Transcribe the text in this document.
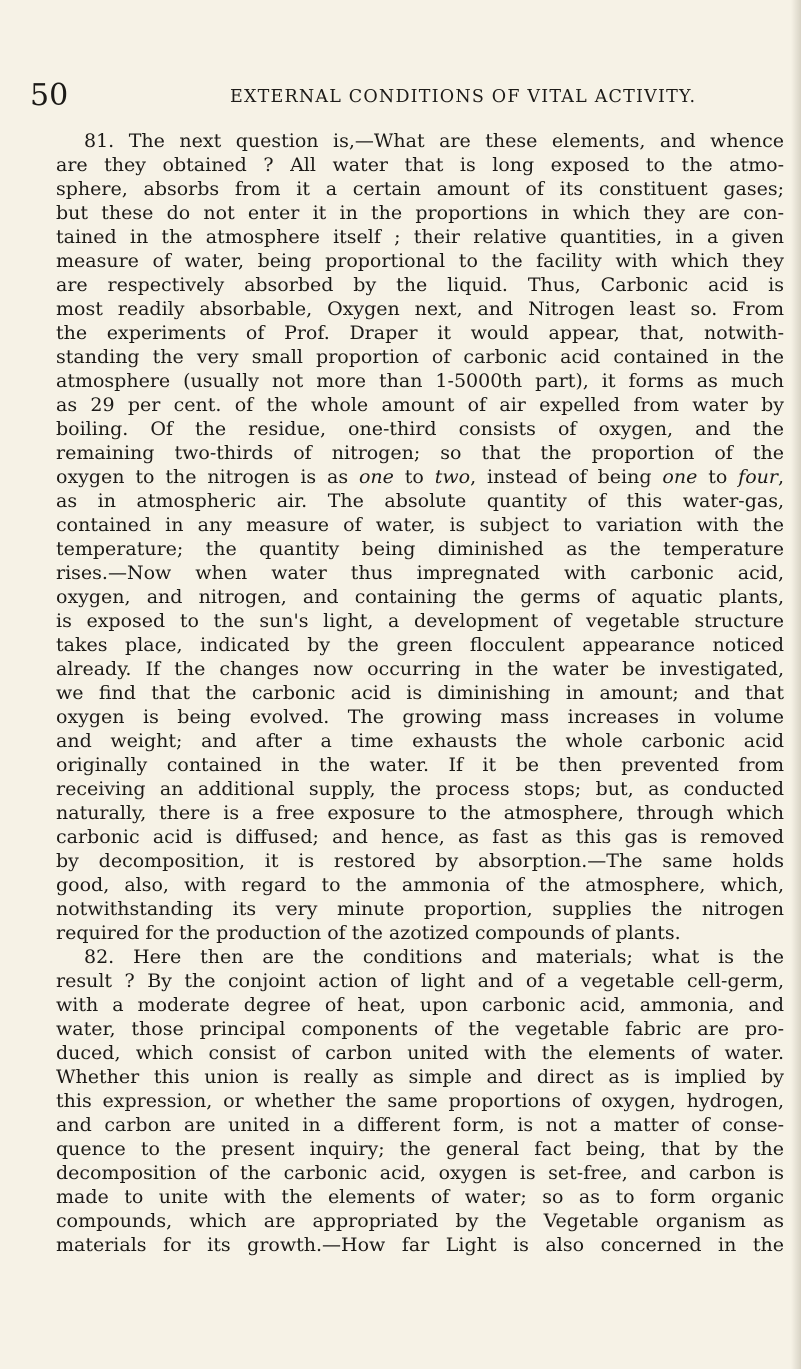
50	EXTERNAL CONDITIONS OF VITAL ACTIVITY.
81. The next question is,—What are these elements, and whence
are they obtained ? All water that is long exposed to the atmo-
sphere, absorbs from it a certain amount of its constituent gases;
but these do not enter it in the proportions in which they are con-
tained in the atmosphere itself ; their relative quantities, in a given
measure of water, being proportional to the facility with which they
are respectively absorbed by the liquid. Thus, Carbonic acid is
most readily absorbable, Oxygen next, and Nitrogen least so. From
the experiments of Prof. Draper it would appear, that, notwith-
standing the very small proportion of carbonic acid contained in the
atmosphere (usually not more than 1-5000th part), it forms as much
as 29 per cent. of the whole amount of air expelled from water by
boiling. Of the residue, one-third consists of oxygen, and the
remaining two-thirds of nitrogen; so that the proportion of the
oxygen to the nitrogen is as one to two, instead of being one to four,
as in atmospheric air. The absolute quantity of this water-gas,
contained in any measure of water, is subject to variation with the
temperature; the quantity being diminished as the temperature
rises.—Now when water thus impregnated with carbonic acid,
oxygen, and nitrogen, and containing the germs of aquatic plants,
is exposed to the sun's light, a development of vegetable structure
takes place, indicated by the green flocculent appearance noticed
already. If the changes now occurring in the water be investigated,
we find that the carbonic acid is diminishing in amount; and that
oxygen is being evolved. The growing mass increases in volume
and weight; and after a time exhausts the whole carbonic acid
originally contained in the water. If it be then prevented from
receiving an additional supply, the process stops; but, as conducted
naturally, there is a free exposure to the atmosphere, through which
carbonic acid is diffused; and hence, as fast as this gas is removed
by decomposition, it is restored by absorption.—The same holds
good, also, with regard to the ammonia of the atmosphere, which,
notwithstanding its very minute proportion, supplies the nitrogen
required for the production of the azotized compounds of plants.
82. Here then are the conditions and materials; what is the
result ? By the conjoint action of light and of a vegetable cell-germ,
with a moderate degree of heat, upon carbonic acid, ammonia, and
water, those principal components of the vegetable fabric are pro-
duced, which consist of carbon united with the elements of water.
Whether this union is really as simple and direct as is implied by
this expression, or whether the same proportions of oxygen, hydrogen,
and carbon are united in a different form, is not a matter of conse-
quence to the present inquiry; the general fact being, that by the
decomposition of the carbonic acid, oxygen is set-free, and carbon is
made to unite with the elements of water; so as to form organic
compounds, which are appropriated by the Vegetable organism as
materials for its growth.—How far Light is also concerned in the
